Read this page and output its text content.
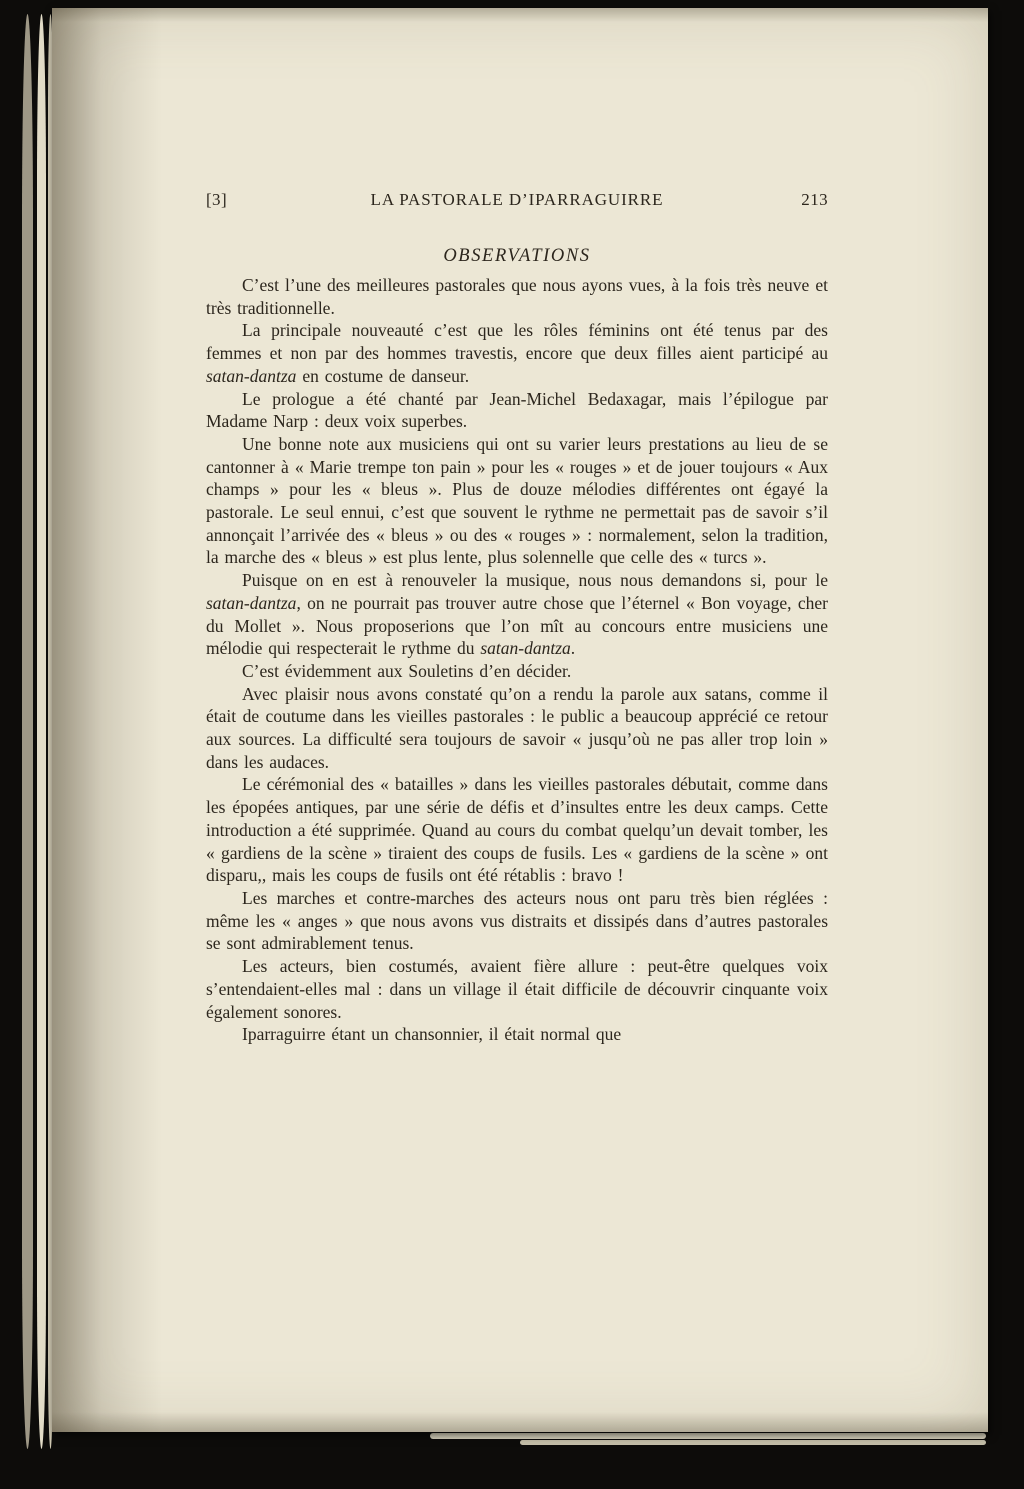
[3]	LA PASTORALE D’IPARRAGUIRRE	213
OBSERVATIONS

C’est l’une des meilleures pastorales que nous ayons vues, à la fois très neuve et très traditionnelle.

La principale nouveauté c’est que les rôles féminins ont été tenus par des femmes et non par des hommes travestis, encore que deux filles aient participé au satan-dantza en costume de danseur.

Le prologue a été chanté par Jean-Michel Bedaxagar, mais l’épilogue par Madame Narp : deux voix superbes.

Une bonne note aux musiciens qui ont su varier leurs prestations au lieu de se cantonner à « Marie trempe ton pain » pour les « rouges » et de jouer toujours « Aux champs » pour les « bleus ». Plus de douze mélodies différentes ont égayé la pastorale. Le seul ennui, c’est que souvent le rythme ne permettait pas de savoir s’il annonçait l’arrivée des « bleus » ou des « rouges » : normalement, selon la tradition, la marche des « bleus » est plus lente, plus solennelle que celle des « turcs ».

Puisque on en est à renouveler la musique, nous nous demandons si, pour le satan-dantza, on ne pourrait pas trouver autre chose que l’éternel « Bon voyage, cher du Mollet ». Nous proposerions que l’on mît au concours entre musiciens une mélodie qui respecterait le rythme du satan-dantza.

C’est évidemment aux Souletins d’en décider.

Avec plaisir nous avons constaté qu’on a rendu la parole aux satans, comme il était de coutume dans les vieilles pastorales : le public a beaucoup apprécié ce retour aux sources. La difficulté sera toujours de savoir « jusqu’où ne pas aller trop loin » dans les audaces.

Le cérémonial des « batailles » dans les vieilles pastorales débutait, comme dans les épopées antiques, par une série de défis et d’insultes entre les deux camps. Cette introduction a été supprimée. Quand au cours du combat quelqu’un devait tomber, les « gardiens de la scène » tiraient des coups de fusils. Les « gardiens de la scène » ont disparu,, mais les coups de fusils ont été rétablis : bravo !

Les marches et contre-marches des acteurs nous ont paru très bien réglées : même les « anges » que nous avons vus distraits et dissipés dans d’autres pastorales se sont admirablement tenus.

Les acteurs, bien costumés, avaient fière allure : peut-être quelques voix s’entendaient-elles mal : dans un village il était difficile de découvrir cinquante voix également sonores.

Iparraguirre étant un chansonnier, il était normal que
